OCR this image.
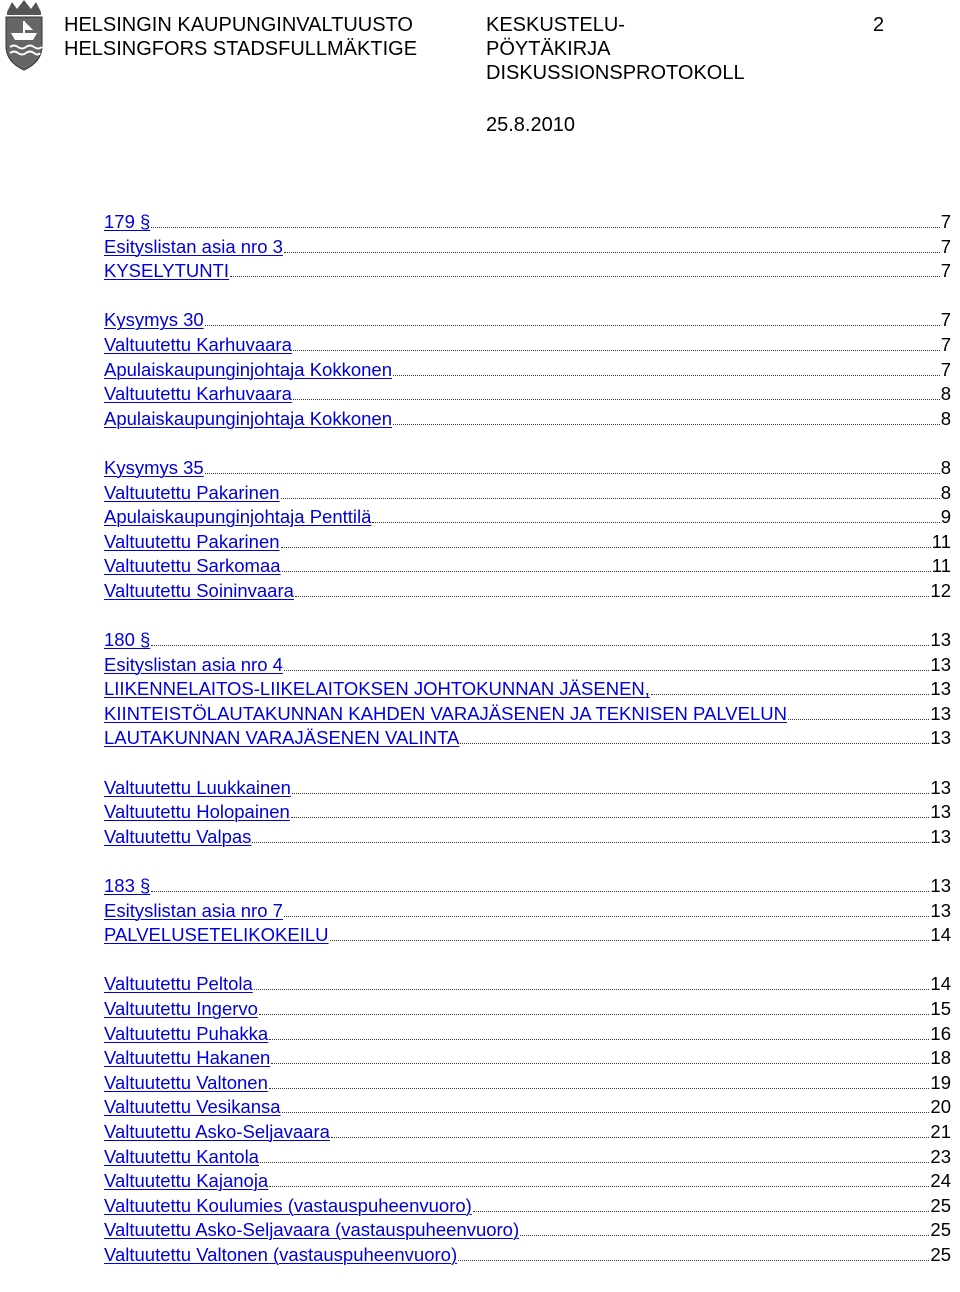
HELSINGIN KAUPUNGINVALTUUSTO
HELSINGFORS STADSFULLMÄKTIGE
KESKUSTELU-
PÖYTÄKIRJA
DISKUSSIONSPROTOKOLL
2
25.8.2010
179 §	7
Esityslistan asia nro 3	7
KYSELYTUNTI	7
Kysymys 30	7
Valtuutettu Karhuvaara	7
Apulaiskaupunginjohtaja Kokkonen	7
Valtuutettu Karhuvaara	8
Apulaiskaupunginjohtaja Kokkonen	8
Kysymys 35	8
Valtuutettu Pakarinen	8
Apulaiskaupunginjohtaja Penttilä	9
Valtuutettu Pakarinen	11
Valtuutettu Sarkomaa	11
Valtuutettu Soininvaara	12
180 §	13
Esityslistan asia nro 4	13
LIIKENNELAITOS-LIIKELAITOKSEN JOHTOKUNNAN JÄSENEN,	13
KIINTEISTÖLAUTAKUNNAN KAHDEN VARAJÄSENEN JA TEKNISEN PALVELUN	13
LAUTAKUNNAN VARAJÄSENEN VALINTA	13
Valtuutettu Luukkainen	13
Valtuutettu Holopainen	13
Valtuutettu Valpas	13
183 §	13
Esityslistan asia nro 7	13
PALVELUSETELIKOKEILU	14
Valtuutettu Peltola	14
Valtuutettu Ingervo	15
Valtuutettu Puhakka	16
Valtuutettu Hakanen	18
Valtuutettu Valtonen	19
Valtuutettu Vesikansa	20
Valtuutettu Asko-Seljavaara	21
Valtuutettu Kantola	23
Valtuutettu Kajanoja	24
Valtuutettu Koulumies (vastauspuheenvuoro)	25
Valtuutettu Asko-Seljavaara (vastauspuheenvuoro)	25
Valtuutettu Valtonen (vastauspuheenvuoro)	25
